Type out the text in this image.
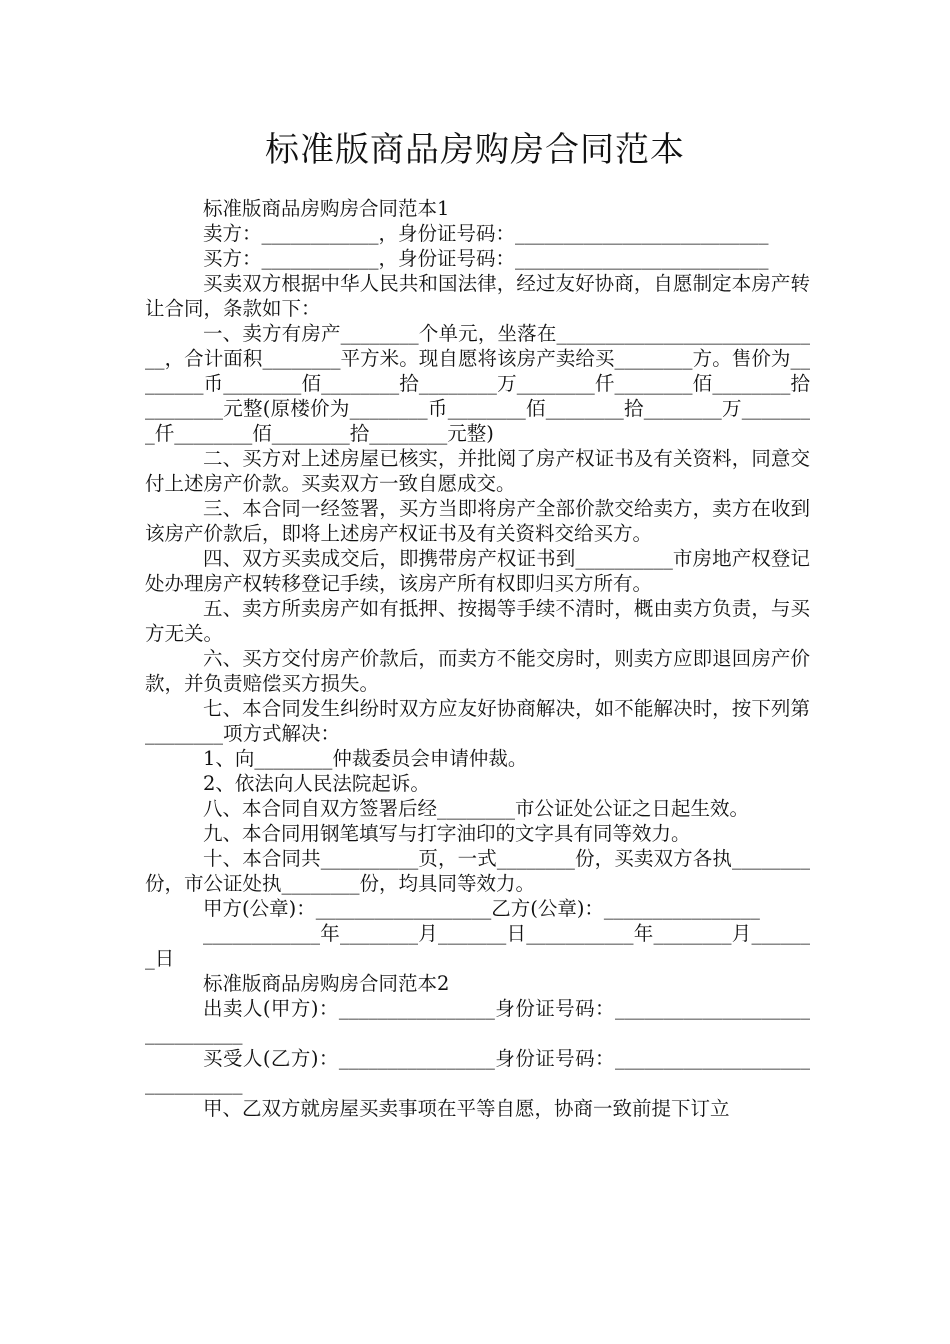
标准版商品房购房合同范本

标准版商品房购房合同范本1

卖方：____________，身份证号码：__________________________

买方：____________，身份证号码：__________________________

买卖双方根据中华人民共和国法律，经过友好协商，自愿制定本房产转让合同，条款如下：

一、卖方有房产________个单元，坐落在____________________________，合计面积________平方米。现自愿将该房产卖给买________方。售价为________币________佰________拾________万________仟________佰________拾________元整(原楼价为________币________佰________拾________万________仟________佰________拾________元整)

二、买方对上述房屋已核实，并批阅了房产权证书及有关资料，同意交付上述房产价款。买卖双方一致自愿成交。

三、本合同一经签署，买方当即将房产全部价款交给卖方，卖方在收到该房产价款后，即将上述房产权证书及有关资料交给买方。

四、双方买卖成交后，即携带房产权证书到__________市房地产权登记处办理房产权转移登记手续，该房产所有权即归买方所有。

五、卖方所卖房产如有抵押、按揭等手续不清时，概由卖方负责，与买方无关。

六、买方交付房产价款后，而卖方不能交房时，则卖方应即退回房产价款，并负责赔偿买方损失。

七、本合同发生纠纷时双方应友好协商解决，如不能解决时，按下列第________项方式解决：

1、向________仲裁委员会申请仲裁。

2、依法向人民法院起诉。

八、本合同自双方签署后经________市公证处公证之日起生效。

九、本合同用钢笔填写与打字油印的文字具有同等效力。

十、本合同共__________页，一式________份，买卖双方各执________份，市公证处执________份，均具同等效力。

甲方(公章)：__________________乙方(公章)：________________

____________年________月_______日___________年________月_______日

标准版商品房购房合同范本2

出卖人(甲方)：________________身份证号码：______________________________

买受人(乙方)：________________身份证号码：______________________________

甲、乙双方就房屋买卖事项在平等自愿，协商一致前提下订立
